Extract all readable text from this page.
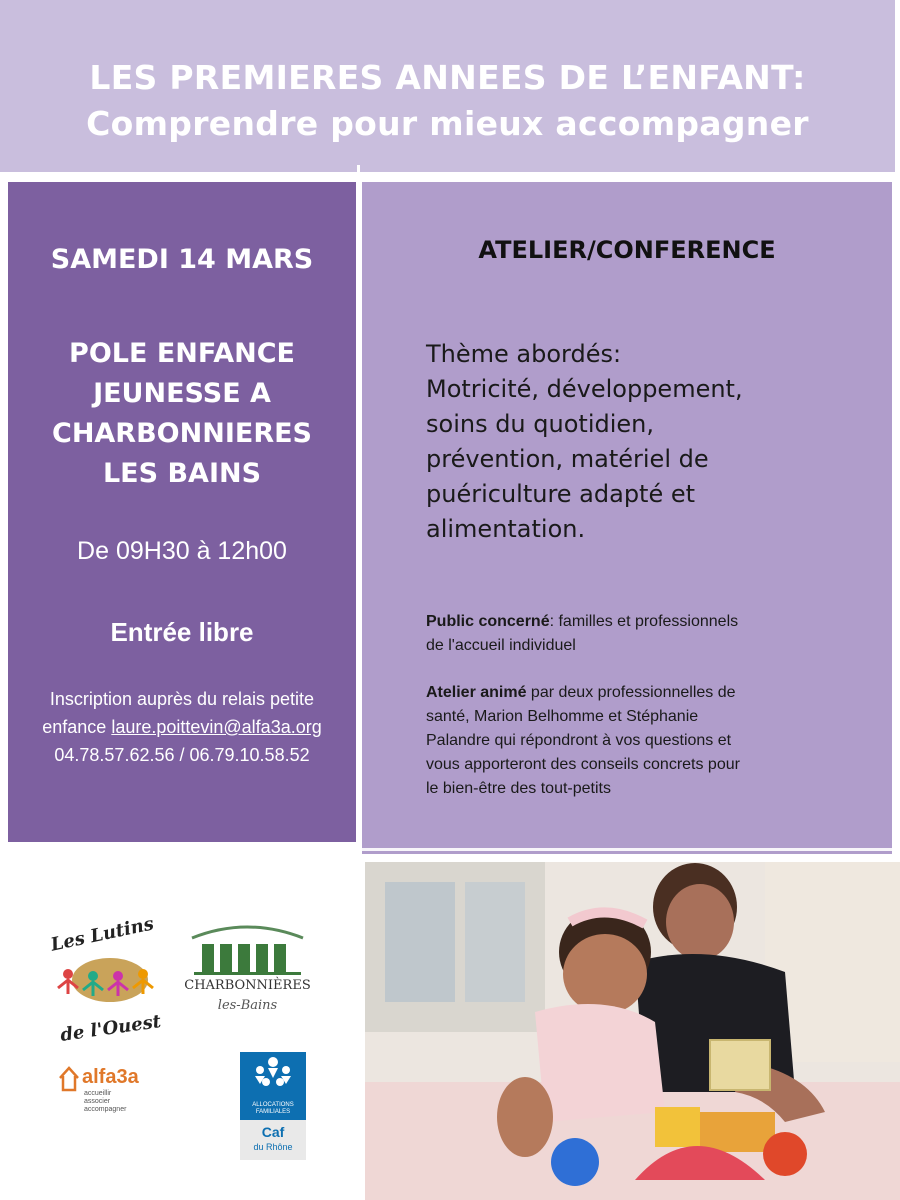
LES PREMIERES ANNEES DE L’ENFANT:
Comprendre pour mieux accompagner
SAMEDI 14 MARS
POLE ENFANCE
JEUNESSE A
CHARBONNIERES
LES BAINS
De 09H30 à 12h00
Entrée libre
Inscription auprès du relais petite
enfance laure.poittevin@alfa3a.org
04.78.57.62.56 / 06.79.10.58.52
ATELIER/CONFERENCE
Thème abordés:
Motricité, développement,
soins du quotidien,
prévention, matériel de
puériculture adapté et
alimentation.
Public concerné: familles et professionnels
de l'accueil individuel
Atelier animé par deux professionnelles de
santé, Marion Belhomme et Stéphanie
Palandre qui répondront à vos questions et
vous apporteront des conseils concrets pour
le bien-être des tout-petits
Les Lutins
de l'Ouest
CHARBONNIÈRES
les-Bains
alfa3a
accueillir
associer
accompagner
ALLOCATIONS FAMILIALES
Caf
du Rhône
